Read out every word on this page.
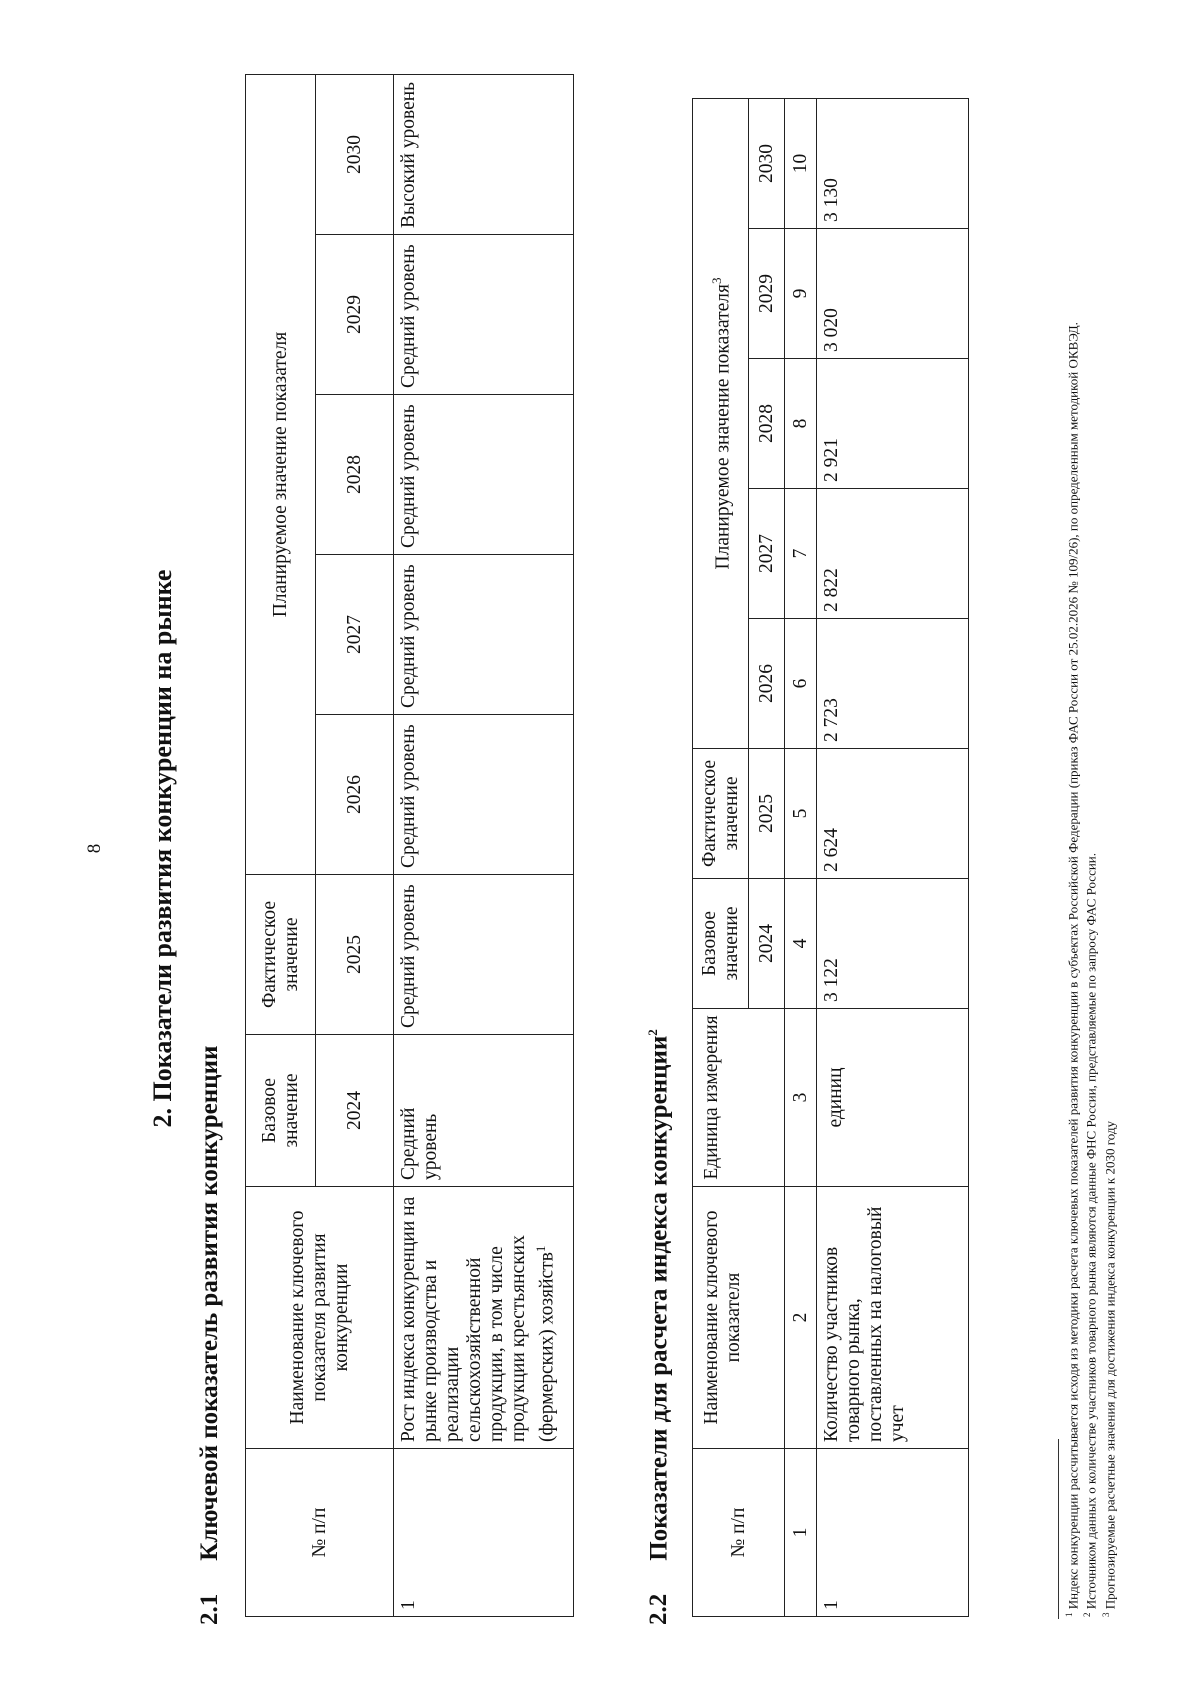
8 2. Показатели развития конкуренции на рынке
2.1 Ключевой показатель развития конкуренции	№ п/п	Наименование ключевого показателя развития конкуренции	Базовое значение	Фактическое значение	Планируемое значение показателя				
		2024	2025	2026	2027	2028	2029	2030
1	Рост индекса конкуренции на рынке производства и реализации сельскохозяйственной продукции, в том числе продукции крестьянских (фермерских) хозяйств$^1$	Средний уровень	Средний уровень	Средний уровень	Средний уровень	Средний уровень	Средний уровень	Высокий уровень
2.2 Показатели для расчета индекса конкуренции$^2$
№ п/п	Наименование ключевого показателя	Единица измерения	Базовое значение	Фактическое значение	Планируемое значение показателя$^3$
			2024	2025	2026	2027	2028	2029	2030
1	2	3	4	5	6	7	8	9	10
1	Количество участников товарного рынка, поставленных на налоговый учет	единиц	3 122	2 624	2 723	2 822	2 921	3 020	3 130
$^1$ Индекс конкуренции рассчитывается исходя из методики расчета ключевых показателей развития конкуренции в субъектах Российской Федерации (приказ ФАС России от 25.02.2026 № 109/26), по определенным методикой ОКВЭД.
$^2$ Источником данных о количестве участников товарного рынка являются данные ФНС России, представляемые по запросу ФАС России.
$^3$ Прогнозируемые расчетные значения для достижения индекса конкуренции к 2030 году
